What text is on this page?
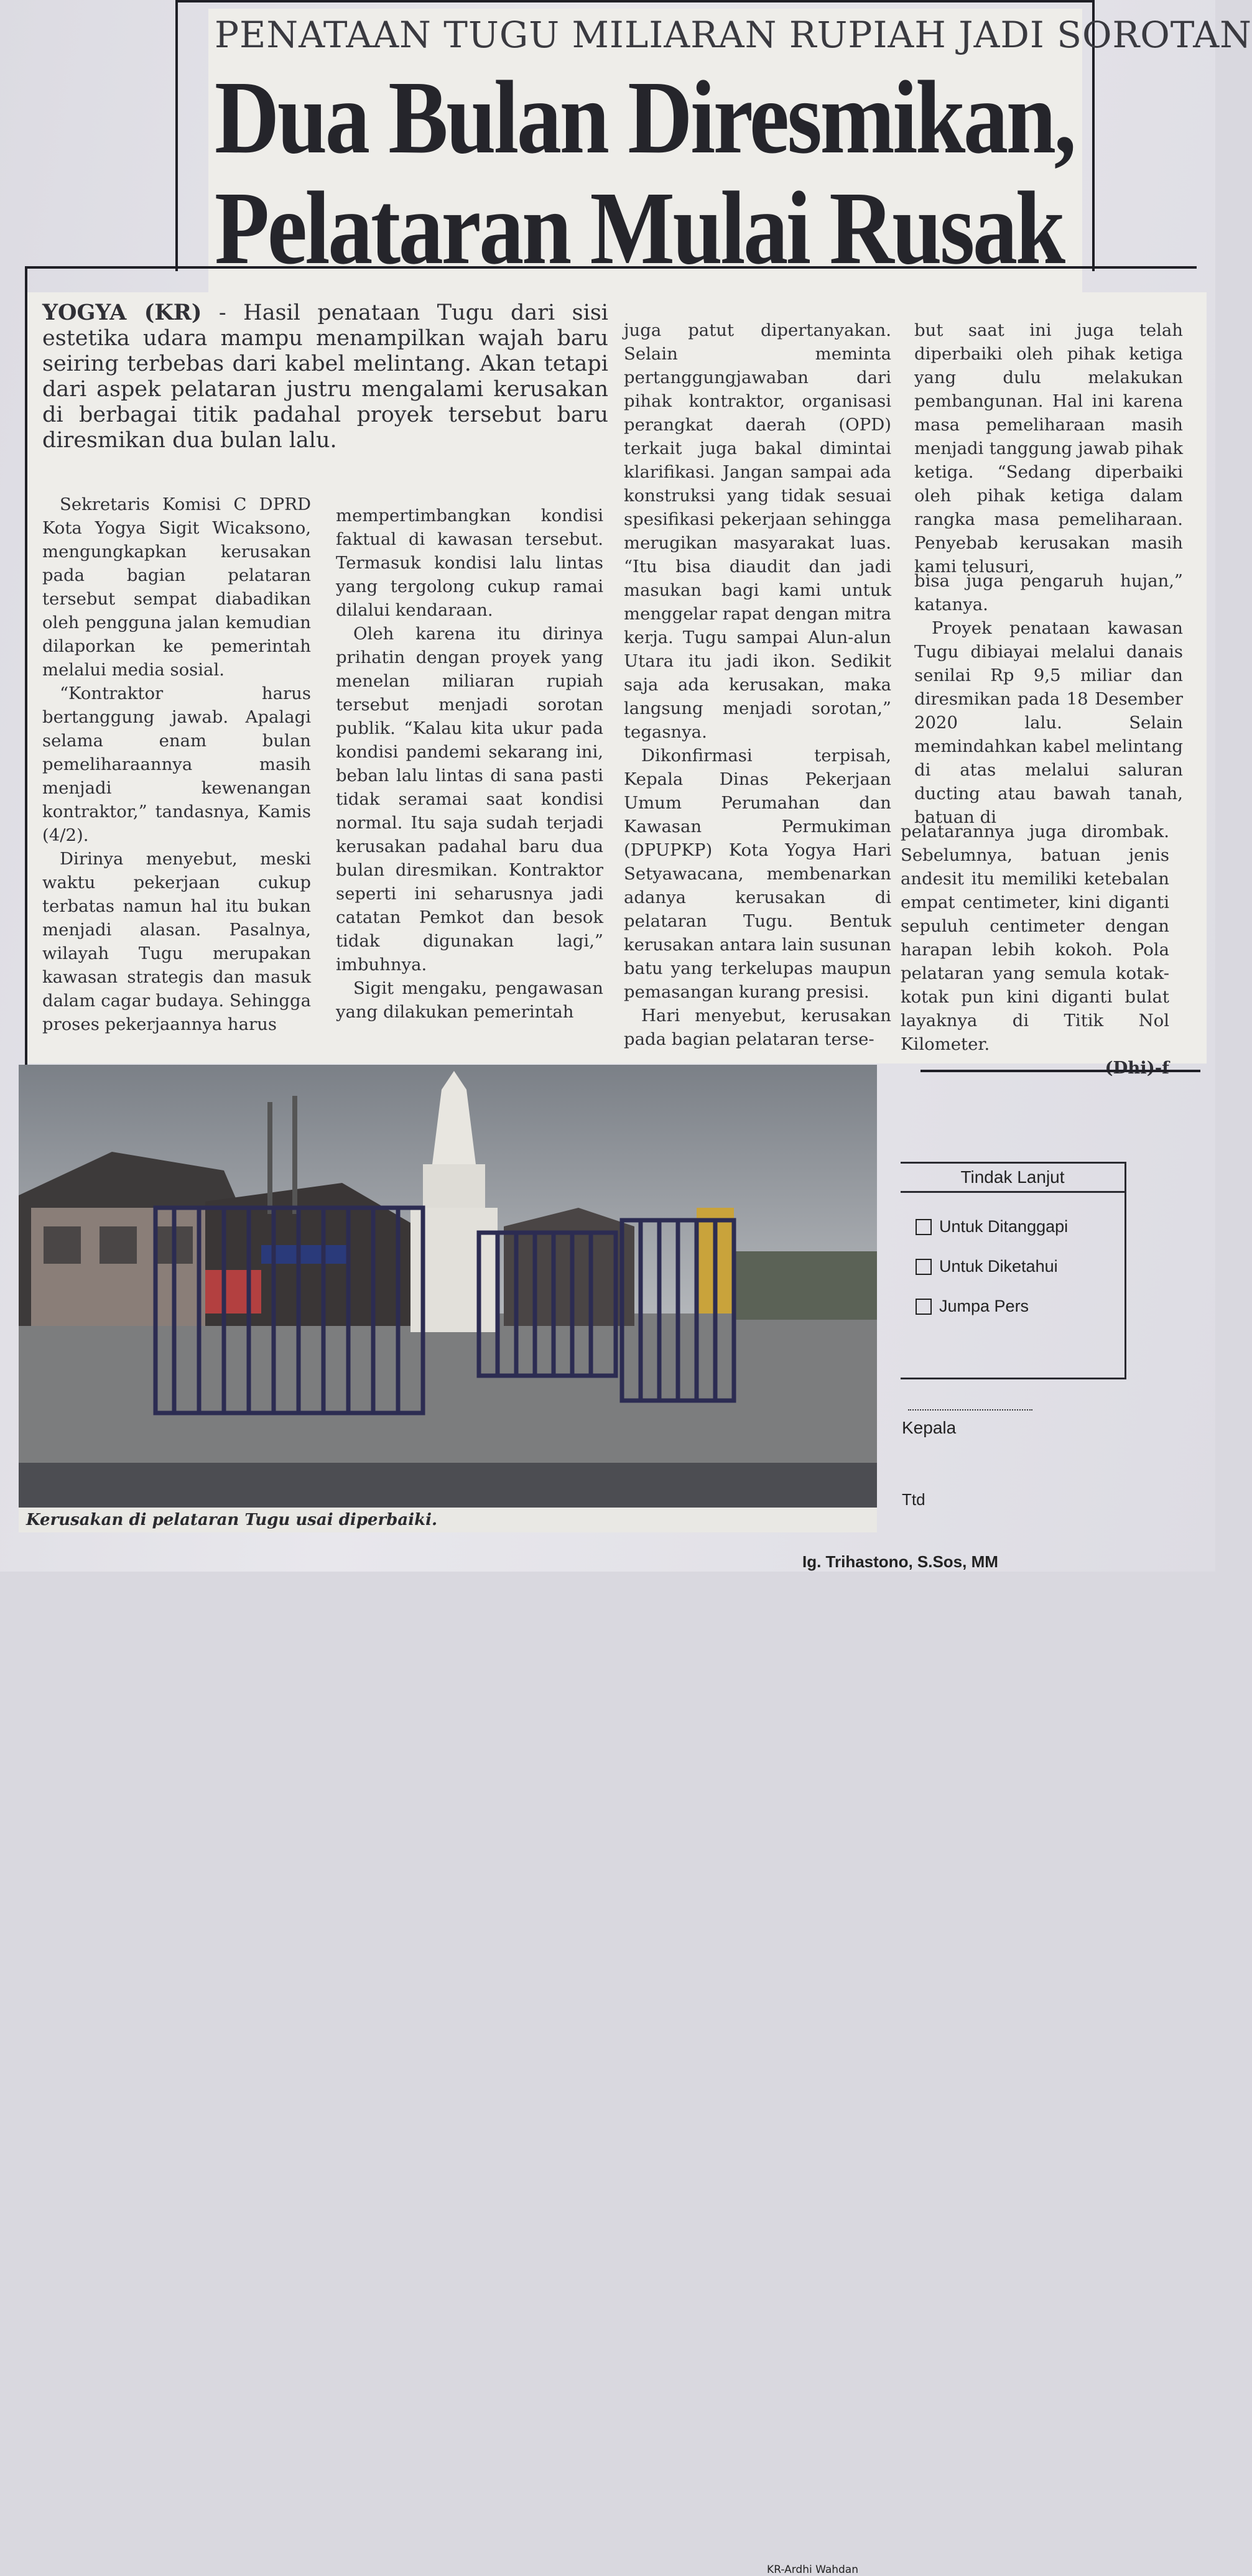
PENATAAN TUGU MILIARAN RUPIAH JADI SOROTAN
Dua Bulan Diresmikan,
Pelataran Mulai Rusak
YOGYA (KR) - Hasil penataan Tugu dari sisi estetika udara mampu menampilkan wajah baru seiring terbebas dari kabel melintang. Akan tetapi dari aspek pelataran justru mengalami kerusakan di berbagai titik padahal proyek tersebut baru diresmikan dua bulan lalu.

Sekretaris Komisi C DPRD Kota Yogya Sigit Wicaksono, mengungkapkan kerusakan pada bagian pelataran tersebut sempat diabadikan oleh pengguna jalan kemudian dilaporkan ke pemerintah melalui media sosial.

“Kontraktor harus bertanggung jawab. Apalagi selama enam bulan pemeliharaannya masih menjadi kewenangan kontraktor,” tandasnya, Kamis (4/2).

Dirinya menyebut, meski waktu pekerjaan cukup terbatas namun hal itu bukan menjadi alasan. Pasalnya, wilayah Tugu merupakan kawasan strategis dan masuk dalam cagar budaya. Sehingga proses pekerjaannya harus

mempertimbangkan kondisi faktual di kawasan tersebut. Termasuk kondisi lalu lintas yang tergolong cukup ramai dilalui kendaraan.

Oleh karena itu dirinya prihatin dengan proyek yang menelan miliaran rupiah tersebut menjadi sorotan publik. “Kalau kita ukur pada kondisi pandemi sekarang ini, beban lalu lintas di sana pasti tidak seramai saat kondisi normal. Itu saja sudah terjadi kerusakan padahal baru dua bulan diresmikan. Kontraktor seperti ini seharusnya jadi catatan Pemkot dan besok tidak digunakan lagi,” imbuhnya.

Sigit mengaku, pengawasan yang dilakukan pemerintah

juga patut dipertanyakan. Selain meminta pertanggungjawaban dari pihak kontraktor, organisasi perangkat daerah (OPD) terkait juga bakal dimintai klarifikasi. Jangan sampai ada konstruksi yang tidak sesuai spesifikasi pekerjaan sehingga merugikan masyarakat luas. “Itu bisa diaudit dan jadi masukan bagi kami untuk menggelar rapat dengan mitra kerja. Tugu sampai Alun-alun Utara itu jadi ikon. Sedikit saja ada kerusakan, maka langsung menjadi sorotan,” tegasnya.

Dikonfirmasi terpisah, Kepala Dinas Pekerjaan Umum Perumahan dan Kawasan Permukiman (DPUPKP) Kota Yogya Hari Setyawacana, membenarkan adanya kerusakan di pelataran Tugu. Bentuk kerusakan antara lain susunan batu yang terkelupas maupun pemasangan kurang presisi.

Hari menyebut, kerusakan pada bagian pelataran terse-

but saat ini juga telah diperbaiki oleh pihak ketiga yang dulu melakukan pembangunan. Hal ini karena masa pemeliharaan masih menjadi tanggung jawab pihak ketiga. “Sedang diperbaiki oleh pihak ketiga dalam rangka masa pemeliharaan. Penyebab kerusakan masih kami telusuri,

bisa juga pengaruh hujan,” katanya.

Proyek penataan kawasan Tugu dibiayai melalui danais senilai Rp 9,5 miliar dan diresmikan pada 18 Desember 2020 lalu. Selain memindahkan kabel melintang di atas melalui saluran ducting atau bawah tanah, batuan di

pelatarannya juga dirombak. Sebelumnya, batuan jenis andesit itu memiliki ketebalan empat centimeter, kini diganti sepuluh centimeter dengan harapan lebih kokoh. Pola pelataran yang semula kotak-kotak pun kini diganti bulat layaknya di Titik Nol Kilometer.

(Dhi)-f
KR-Ardhi Wahdan
Kerusakan di pelataran Tugu usai diperbaiki.
Tindak Lanjut
Untuk Ditanggapi
Untuk Diketahui
Jumpa Pers
Kepala
Ttd
Ig. Trihastono, S.Sos, MM
